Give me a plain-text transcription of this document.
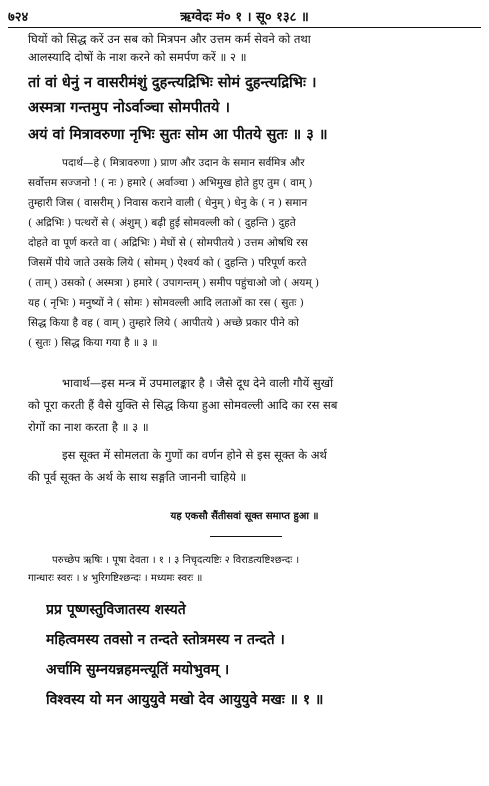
७२४	ऋग्वेदः मं० १ । सू० १३८ ॥
घियों को सिद्ध करें उन सब को मित्रपन और उत्तम कर्म सेवने को तथा
आलस्यादि दोषों के नाश करने को समर्पण करें ॥ २ ॥
तां वां धेनुं न वासरीमंशुं दुहन्त्यद्रिभिः सोमं दुहन्त्यद्रिभिः ।
अस्मत्रा गन्तमुप नोऽर्वाञ्चा सोमपीतये ।
अयं वां मित्रावरुणा नृभिः सुतः सोम आ पीतये सुतः ॥ ३ ॥
पदार्थ—हे ( मित्रावरुणा ) प्राण और उदान के समान सर्वमित्र और
सर्वोत्तम सज्जनो ! ( नः ) हमारे ( अर्वाञ्चा ) अभिमुख होते हुए तुम ( वाम् )
तुम्हारी जिस ( वासरीम् ) निवास कराने वाली ( धेनुम् ) धेनु के ( न ) समान
( अद्रिभिः ) पत्थरों से ( अंशुम् ) बढ़ी हुई सोमवल्ली को ( दुहन्ति ) दुहते
दोहते वा पूर्ण करते वा ( अद्रिभिः ) मेघों से ( सोमपीतये ) उत्तम ओषधि रस
जिसमें पीये जाते उसके लिये ( सोमम् ) ऐश्वर्य को ( दुहन्ति ) परिपूर्ण करते
( ताम् ) उसको ( अस्मत्रा ) हमारे ( उपागन्तम् ) समीप पहुंचाओ जो ( अयम् )
यह ( नृभिः ) मनुष्यों ने ( सोमः ) सोमवल्ली आदि लताओं का रस ( सुतः )
सिद्ध किया है वह ( वाम् ) तुम्हारे लिये ( आपीतये ) अच्छे प्रकार पीने को
( सुतः ) सिद्ध किया गया है ॥ ३ ॥
भावार्थ—इस मन्त्र में उपमालङ्कार है । जैसे दूध देने वाली गौयें सुखों
को पूरा करती हैं वैसे युक्ति से सिद्ध किया हुआ सोमवल्ली आदि का रस सब
रोगों का नाश करता है ॥ ३ ॥
इस सूक्त में सोमलता के गुणों का वर्णन होने से इस सूक्त के अर्थ
की पूर्व सूक्त के अर्थ के साथ सङ्गति जाननी चाहिये ॥
यह एकसौ सैंतीसवां सूक्त समाप्त हुआ ॥
परुच्छेप ऋषिः । पूषा देवता । १ । ३ निचृदत्यष्टिः २ विराडत्यष्टिश्छन्दः ।
गान्धारः स्वरः । ४ भुरिगष्टिश्छन्दः । मध्यमः स्वरः ॥
प्रप्र पूष्णस्तुविजातस्य शस्यते
महित्वमस्य तवसो न तन्दते स्तोत्रमस्य न तन्दते ।
अर्चामि सुम्नयन्नहमन्त्यूतिं मयोभुवम् ।
विश्वस्य यो मन आयुयुवे मखो देव आयुयुवे मखः ॥ १ ॥
